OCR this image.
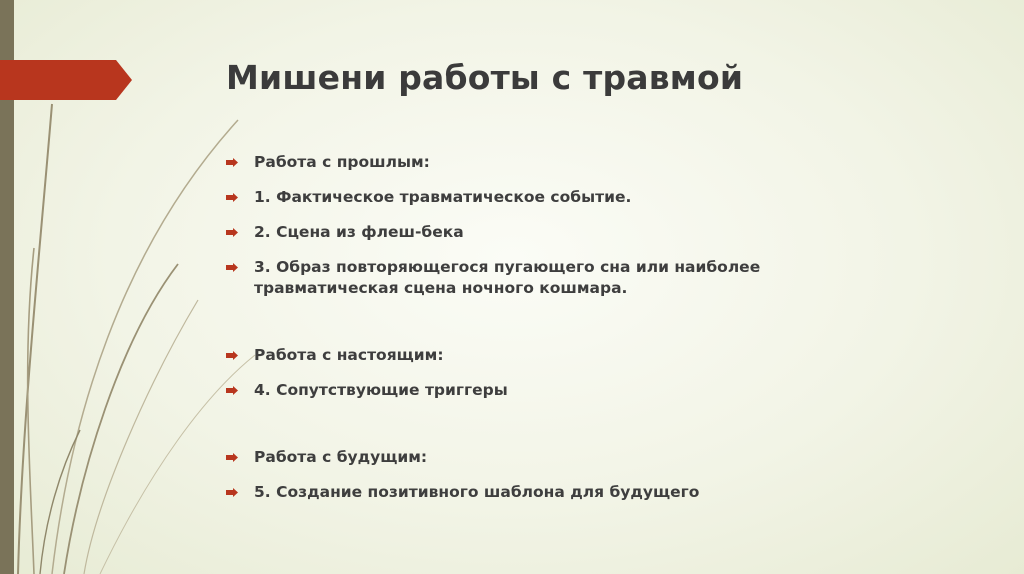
Мишени работы с травмой
Работа с прошлым:
1. Фактическое травматическое событие.
2. Сцена из флеш-бека
3. Образ повторяющегося пугающего сна или наиболее травматическая сцена ночного кошмара.
Работа с настоящим:
4. Сопутствующие триггеры
Работа с будущим:
5. Создание позитивного шаблона для будущего
